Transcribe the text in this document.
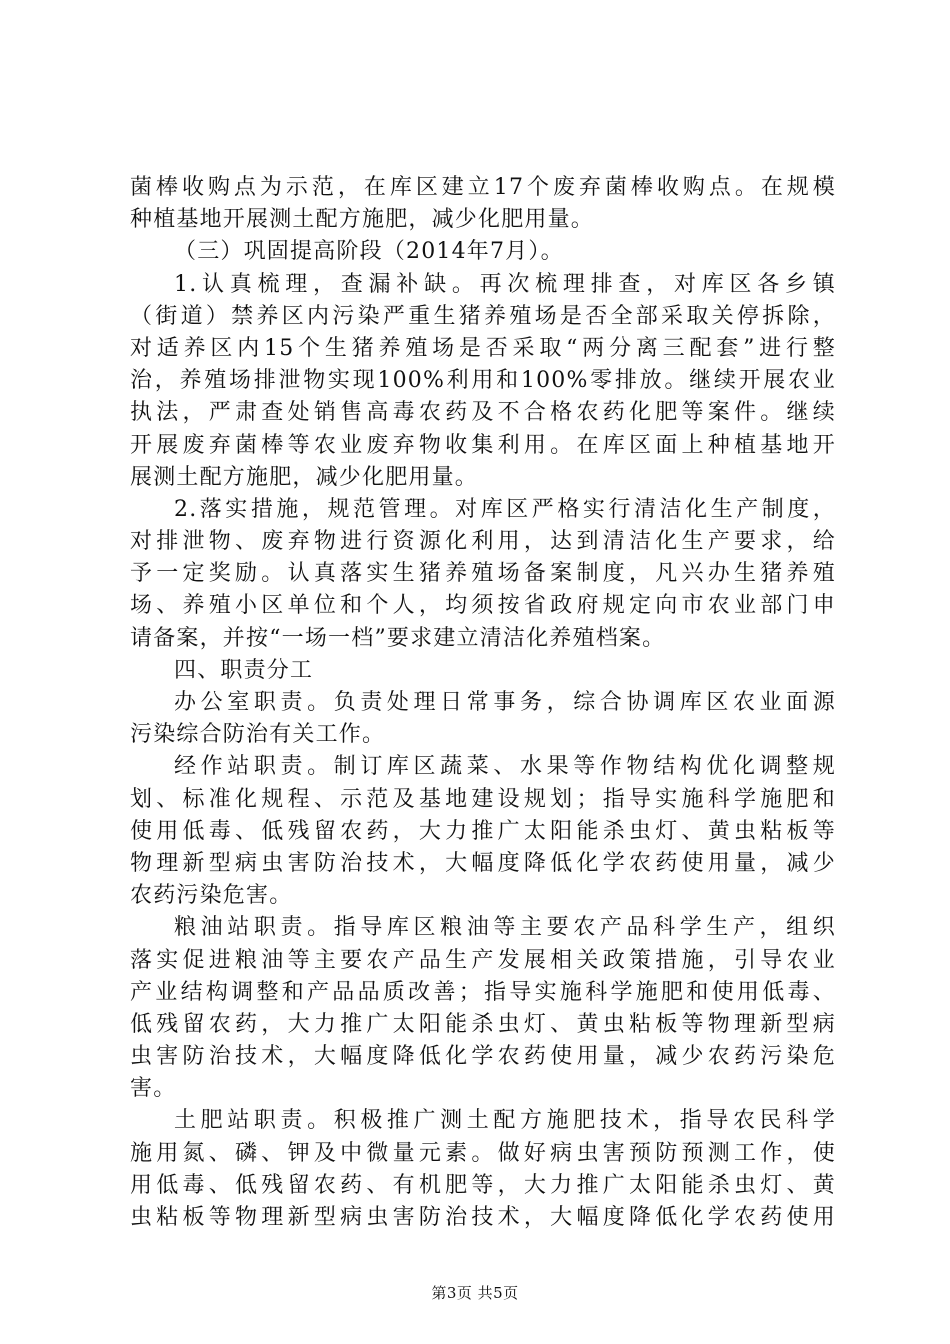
菌棒收购点为示范，在库区建立17个废弃菌棒收购点。在规模
种植基地开展测土配方施肥，减少化肥用量。
（三）巩固提高阶段（2014年7月）。
1.认真梳理，查漏补缺。再次梳理排查，对库区各乡镇
（街道）禁养区内污染严重生猪养殖场是否全部采取关停拆除，
对适养区内15个生猪养殖场是否采取“两分离三配套”进行整
治，养殖场排泄物实现100%利用和100%零排放。继续开展农业
执法，严肃查处销售高毒农药及不合格农药化肥等案件。继续
开展废弃菌棒等农业废弃物收集利用。在库区面上种植基地开
展测土配方施肥，减少化肥用量。
2.落实措施，规范管理。对库区严格实行清洁化生产制度，
对排泄物、废弃物进行资源化利用，达到清洁化生产要求，给
予一定奖励。认真落实生猪养殖场备案制度，凡兴办生猪养殖
场、养殖小区单位和个人，均须按省政府规定向市农业部门申
请备案，并按“一场一档”要求建立清洁化养殖档案。
四、职责分工
办公室职责。负责处理日常事务，综合协调库区农业面源
污染综合防治有关工作。
经作站职责。制订库区蔬菜、水果等作物结构优化调整规
划、标准化规程、示范及基地建设规划；指导实施科学施肥和
使用低毒、低残留农药，大力推广太阳能杀虫灯、黄虫粘板等
物理新型病虫害防治技术，大幅度降低化学农药使用量，减少
农药污染危害。
粮油站职责。指导库区粮油等主要农产品科学生产，组织
落实促进粮油等主要农产品生产发展相关政策措施，引导农业
产业结构调整和产品品质改善；指导实施科学施肥和使用低毒、
低残留农药，大力推广太阳能杀虫灯、黄虫粘板等物理新型病
虫害防治技术，大幅度降低化学农药使用量，减少农药污染危
害。
土肥站职责。积极推广测土配方施肥技术，指导农民科学
施用氮、磷、钾及中微量元素。做好病虫害预防预测工作，使
用低毒、低残留农药、有机肥等，大力推广太阳能杀虫灯、黄
虫粘板等物理新型病虫害防治技术，大幅度降低化学农药使用
第3页 共5页
